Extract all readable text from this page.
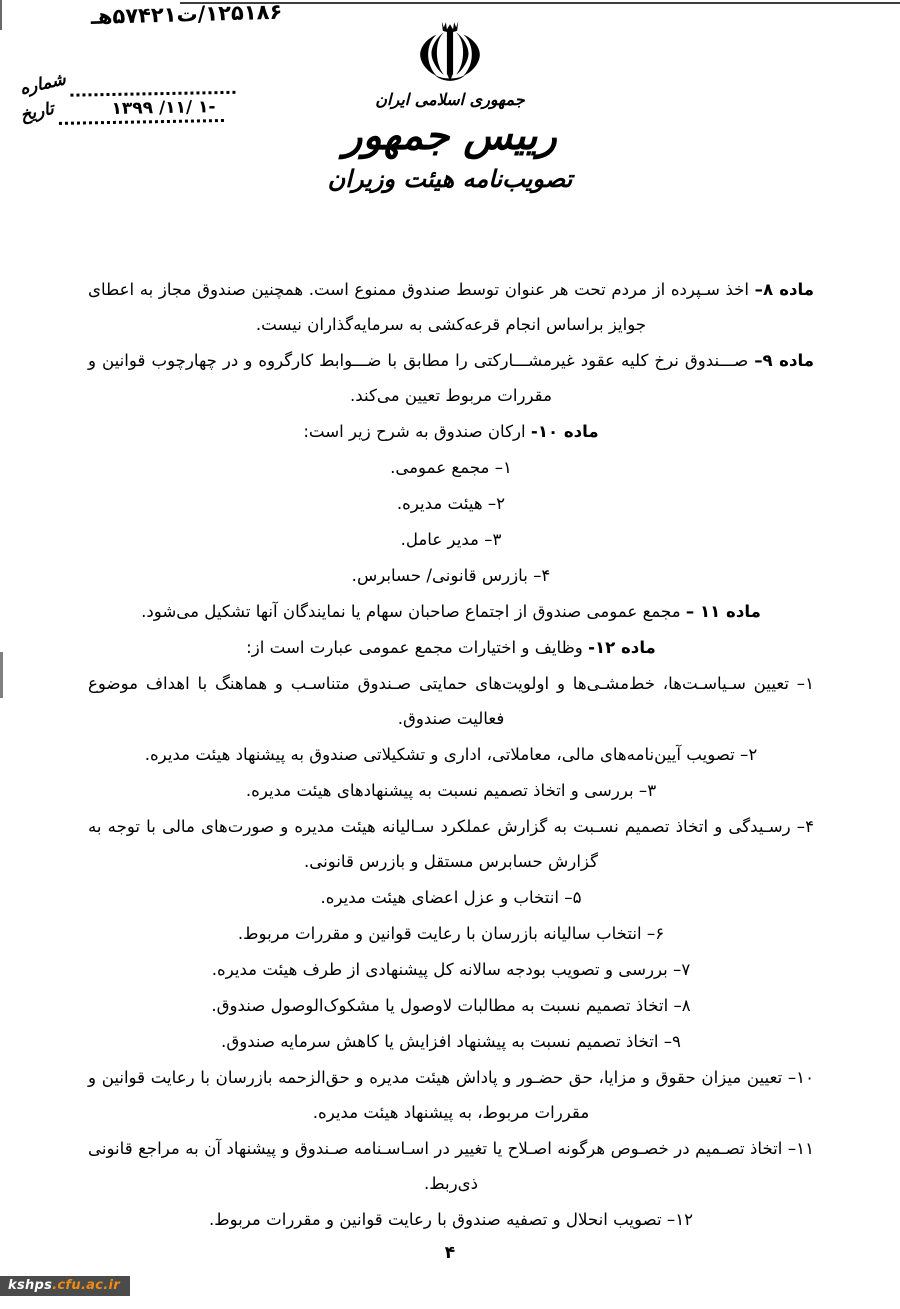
۱۲۵۱۸۶/ت۵۷۴۲۱هـ
شماره
تاریخ	۱۳۹۹ /۱۱/ ۱-	جمهوری اسلامی ایران
رییس جمهور
تصویب‌نامه هیئت وزیران

ماده ۸– اخذ سـپرده از مردم تحت هر عنوان توسط صندوق ممنوع است. همچنین صندوق مجاز به اعطای جوایز براساس انجام قرعه‌کشی به سرمایه‌گذاران نیست.

ماده ۹– صـــندوق نرخ کلیه عقود غیرمشـــارکتی را مطابق با ضـــوابط کارگروه و در چهارچوب قوانین و مقررات مربوط تعیین می‌کند.

ماده ۱۰- ارکان صندوق به شرح زیر است:

۱– مجمع عمومی.

۲– هیئت مدیره.

۳– مدیر عامل.

۴– بازرس قانونی/ حسابرس.

ماده ۱۱ – مجمع عمومی صندوق از اجتماع صاحبان سهام یا نمایندگان آنها تشکیل می‌شود.

ماده ۱۲- وظایف و اختیارات مجمع عمومی عبارت است از:

۱– تعیین سـیاسـت‌ها، خط‌مشـی‌ها و اولویت‌های حمایتی صـندوق متناسـب و هماهنگ با اهداف موضوع فعالیت صندوق.

۲– تصویب آیین‌نامه‌های مالی، معاملاتی، اداری و تشکیلاتی صندوق به پیشنهاد هیئت مدیره.

۳– بررسی و اتخاذ تصمیم نسبت به پیشنهادهای هیئت مدیره.

۴– رسـیدگی و اتخاذ تصمیم نسـبت به گزارش عملکرد سـالیانه هیئت مدیره و صورت‌های مالی با توجه به گزارش حسابرس مستقل و بازرس قانونی.

۵– انتخاب و عزل اعضای هیئت مدیره.

۶– انتخاب سالیانه بازرسان با رعایت قوانین و مقررات مربوط.

۷– بررسی و تصویب بودجه سالانه کل پیشنهادی از طرف هیئت مدیره.

۸– اتخاذ تصمیم نسبت به مطالبات لاوصول یا مشکوک‌الوصول صندوق.

۹– اتخاذ تصمیم نسبت به پیشنهاد افزایش یا کاهش سرمایه صندوق.

۱۰– تعیین میزان حقوق و مزایا، حق حضـور و پاداش هیئت مدیره و حق‌الزحمه بازرسان با رعایت قوانین و مقررات مربوط، به پیشنهاد هیئت مدیره.

۱۱– اتخاذ تصـمیم در خصـوص هرگونه اصـلاح یا تغییر در اسـاسـنامه صـندوق و پیشنهاد آن به مراجع قانونی ذی‌ربط.

۱۲– تصویب انحلال و تصفیه صندوق با رعایت قوانین و مقررات مربوط.

۴
kshps.cfu.ac.ir
